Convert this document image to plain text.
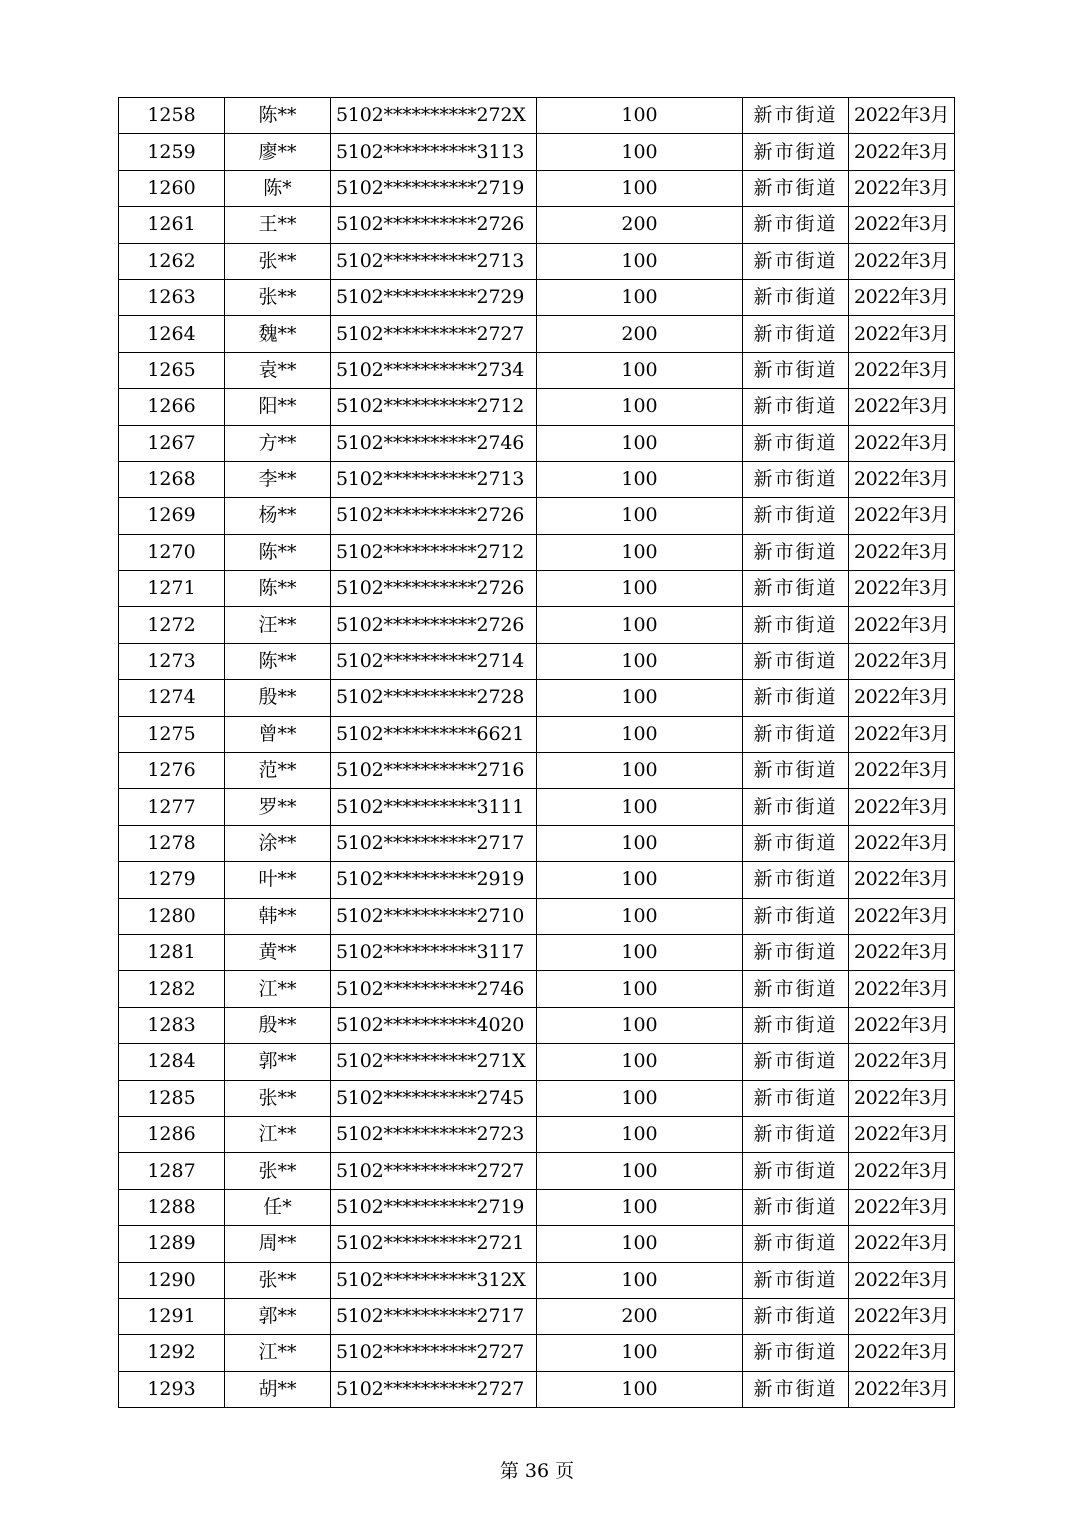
1258	陈**	5102**********272X	100	新市街道	2022年3月
1259	廖**	5102**********3113	100	新市街道	2022年3月
1260	陈*	5102**********2719	100	新市街道	2022年3月
1261	王**	5102**********2726	200	新市街道	2022年3月
1262	张**	5102**********2713	100	新市街道	2022年3月
1263	张**	5102**********2729	100	新市街道	2022年3月
1264	魏**	5102**********2727	200	新市街道	2022年3月
1265	袁**	5102**********2734	100	新市街道	2022年3月
1266	阳**	5102**********2712	100	新市街道	2022年3月
1267	方**	5102**********2746	100	新市街道	2022年3月
1268	李**	5102**********2713	100	新市街道	2022年3月
1269	杨**	5102**********2726	100	新市街道	2022年3月
1270	陈**	5102**********2712	100	新市街道	2022年3月
1271	陈**	5102**********2726	100	新市街道	2022年3月
1272	汪**	5102**********2726	100	新市街道	2022年3月
1273	陈**	5102**********2714	100	新市街道	2022年3月
1274	殷**	5102**********2728	100	新市街道	2022年3月
1275	曾**	5102**********6621	100	新市街道	2022年3月
1276	范**	5102**********2716	100	新市街道	2022年3月
1277	罗**	5102**********3111	100	新市街道	2022年3月
1278	涂**	5102**********2717	100	新市街道	2022年3月
1279	叶**	5102**********2919	100	新市街道	2022年3月
1280	韩**	5102**********2710	100	新市街道	2022年3月
1281	黄**	5102**********3117	100	新市街道	2022年3月
1282	江**	5102**********2746	100	新市街道	2022年3月
1283	殷**	5102**********4020	100	新市街道	2022年3月
1284	郭**	5102**********271X	100	新市街道	2022年3月
1285	张**	5102**********2745	100	新市街道	2022年3月
1286	江**	5102**********2723	100	新市街道	2022年3月
1287	张**	5102**********2727	100	新市街道	2022年3月
1288	任*	5102**********2719	100	新市街道	2022年3月
1289	周**	5102**********2721	100	新市街道	2022年3月
1290	张**	5102**********312X	100	新市街道	2022年3月
1291	郭**	5102**********2717	200	新市街道	2022年3月
1292	江**	5102**********2727	100	新市街道	2022年3月
1293	胡**	5102**********2727	100	新市街道	2022年3月
第 36 页
